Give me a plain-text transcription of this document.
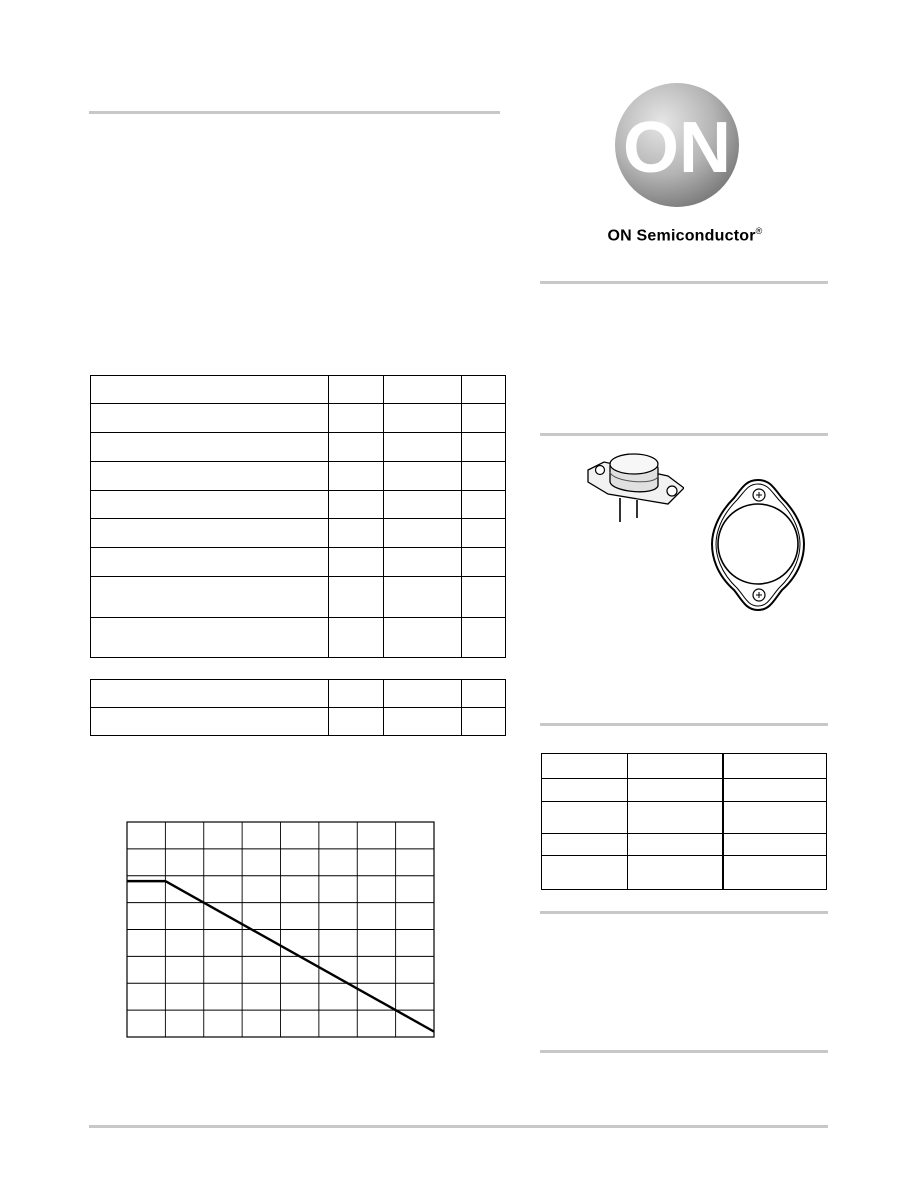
ON
ON Semiconductor®
